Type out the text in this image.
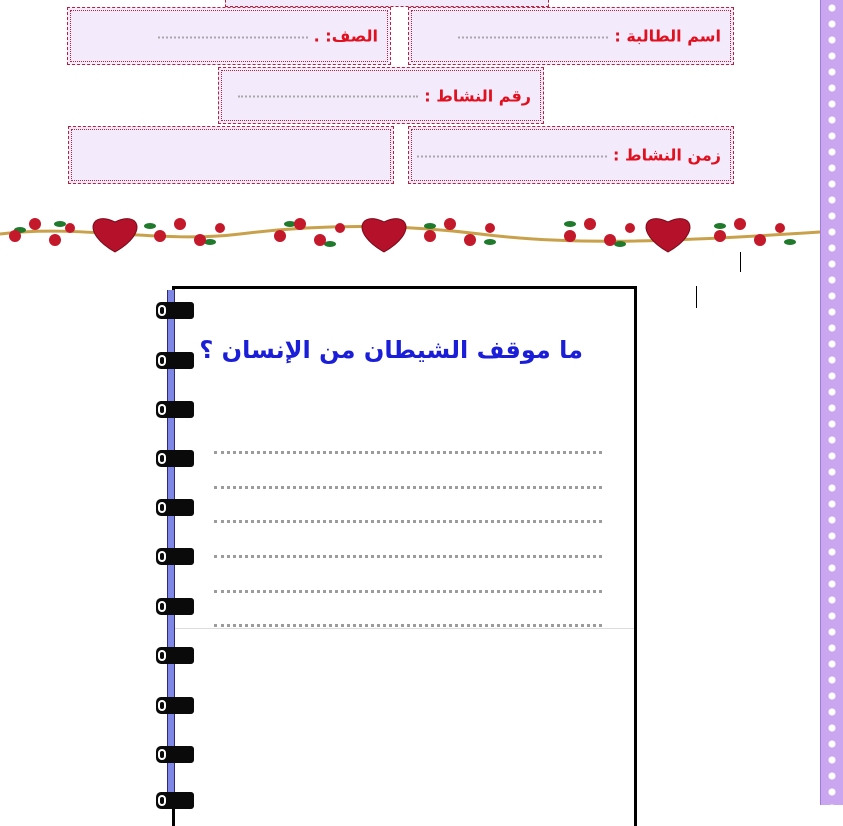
اسم الطالبة :
الصف: .
رقم النشاط :
زمن النشاط :
ما موقف الشيطان من الإنسان ؟
